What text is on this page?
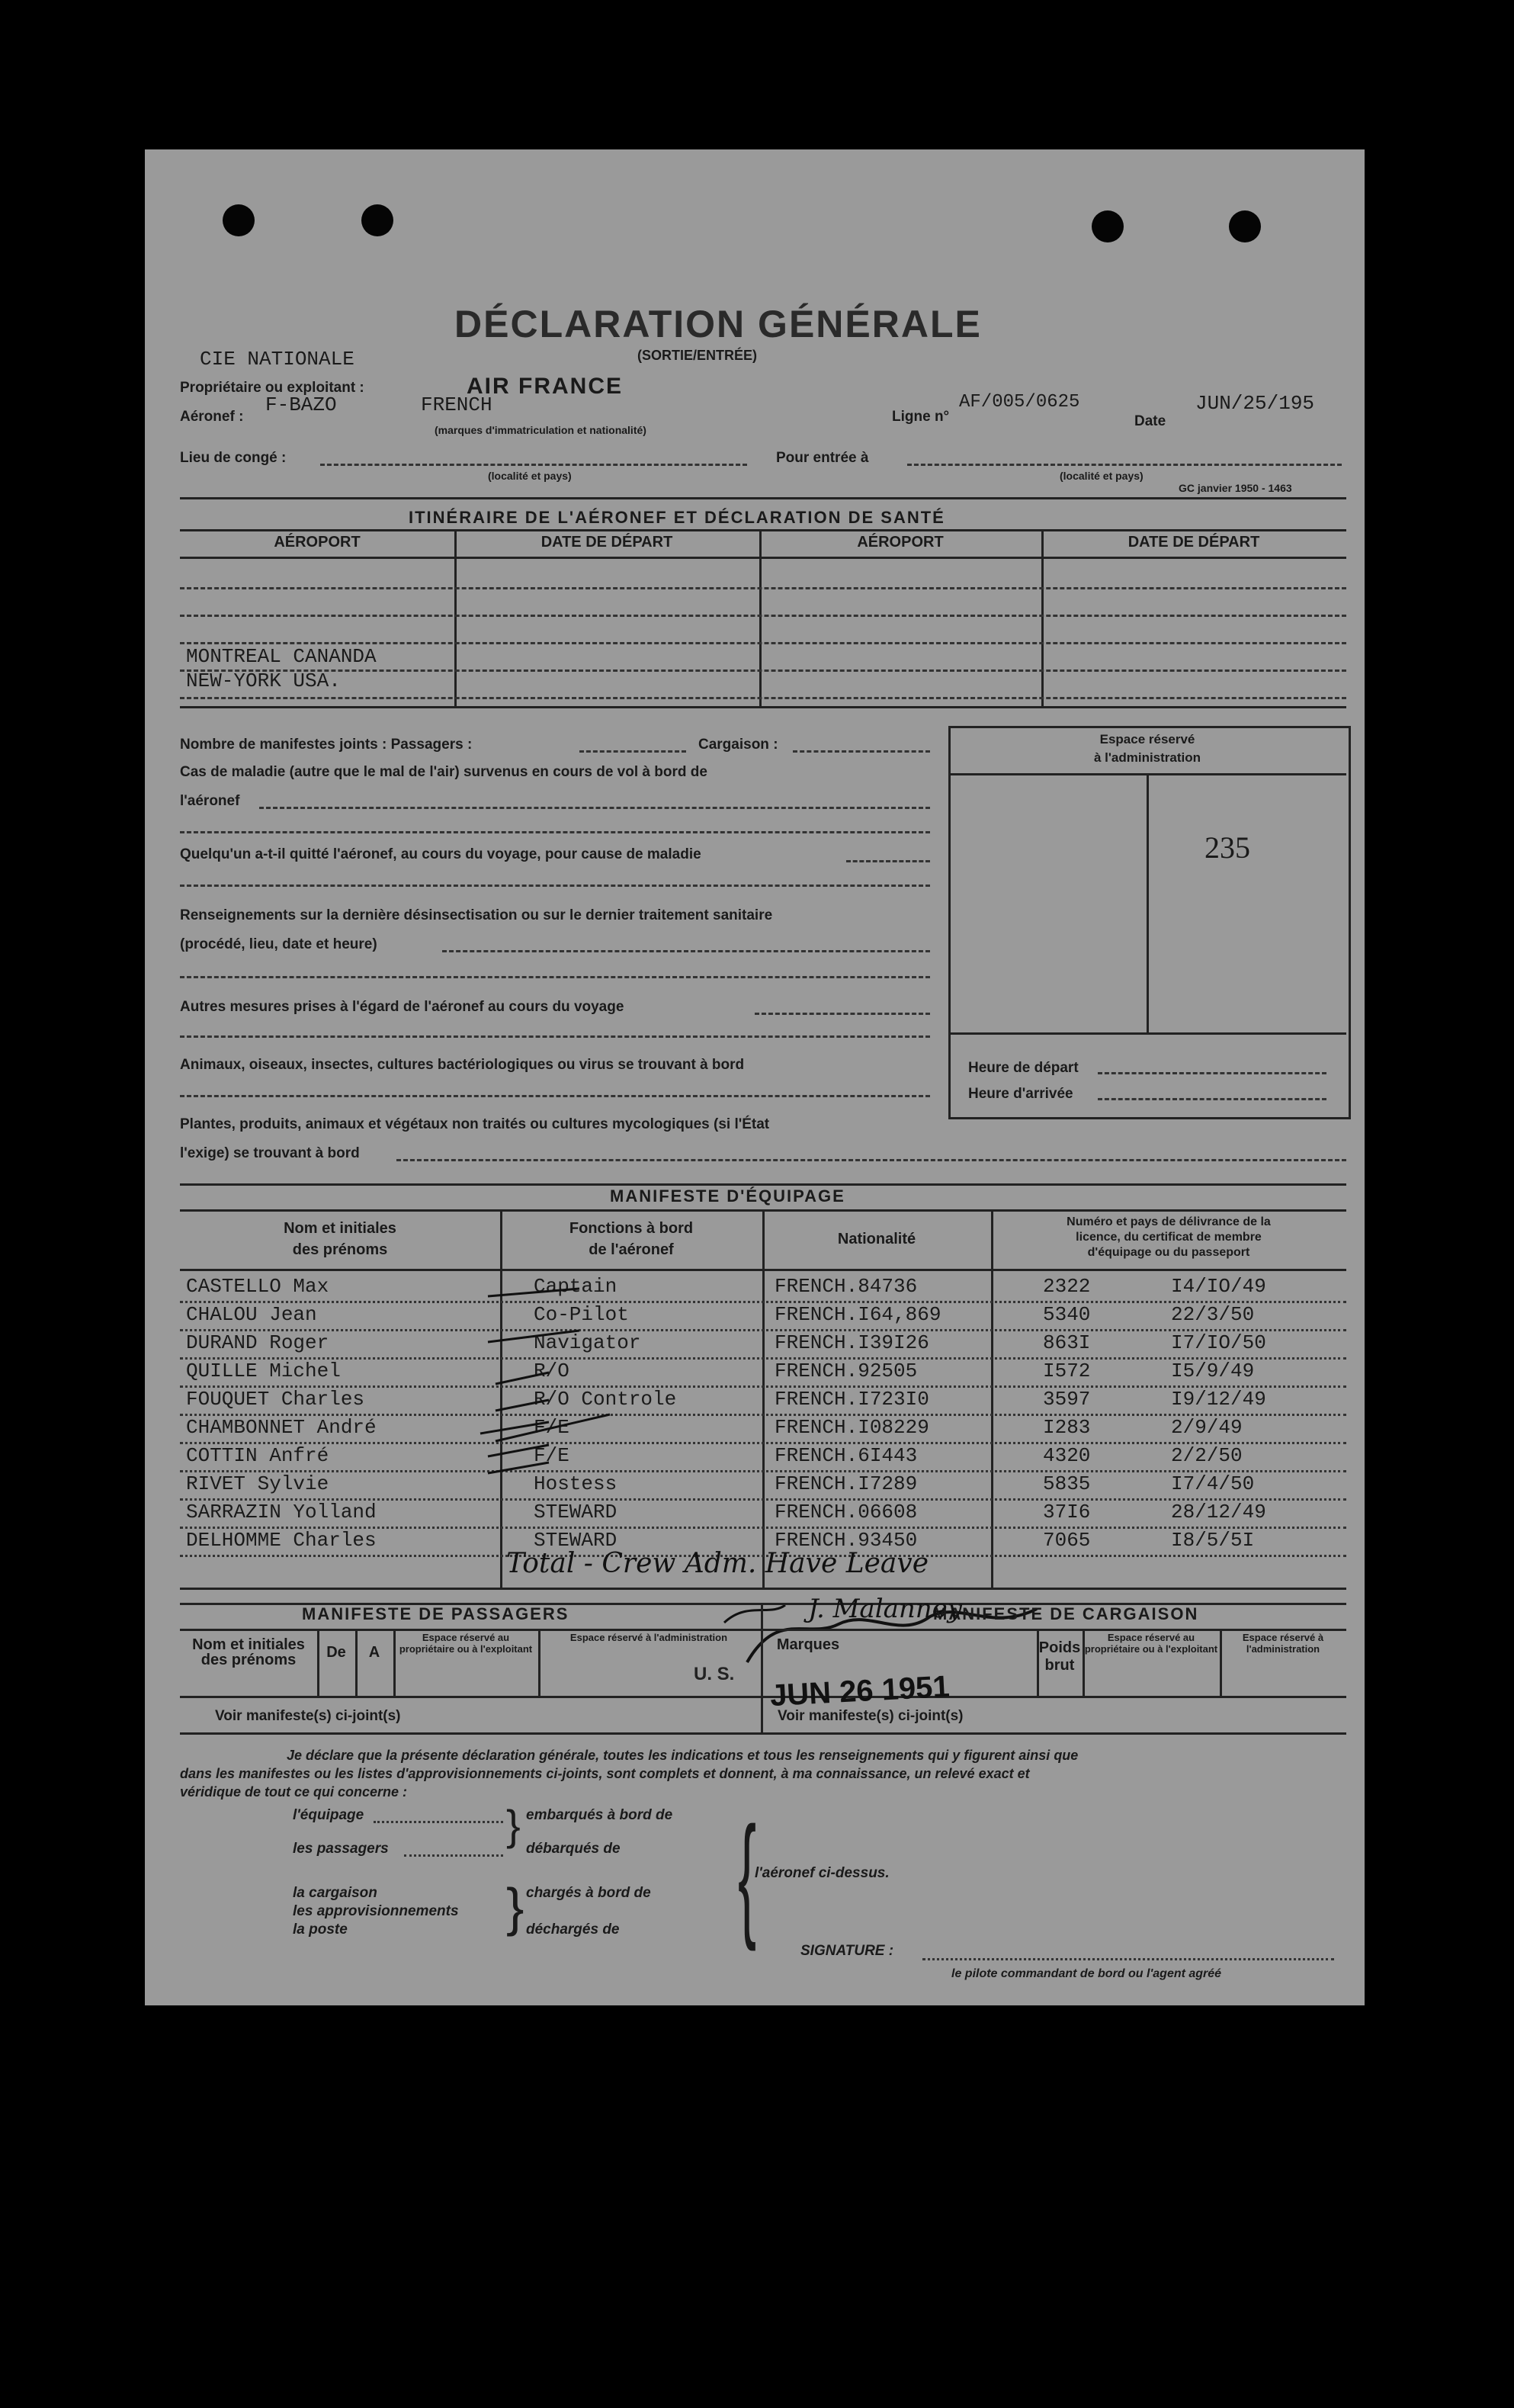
DÉCLARATION GÉNÉRALE
(SORTIE/ENTRÉE)
CIE NATIONALE
Propriétaire ou exploitant :	AIR FRANCE
Aéronef :
F-BAZO	FRENCH
(marques d'immatriculation et nationalité)
Ligne n°
AF/005/0625
Date
JUN/25/195
Lieu de congé :
(localité et pays)
Pour entrée à
(localité et pays)
GC janvier 1950 - 1463
ITINÉRAIRE DE L'AÉRONEF ET DÉCLARATION DE SANTÉ
AÉROPORT	DATE DE DÉPART	AÉROPORT	DATE DE DÉPART
MONTREAL CANANDA
NEW-YORK USA.
Nombre de manifestes joints : Passagers :	Cargaison :
Cas de maladie (autre que le mal de l'air) survenus en cours de vol à bord de
l'aéronef
Quelqu'un a-t-il quitté l'aéronef, au cours du voyage, pour cause de maladie
Renseignements sur la dernière désinsectisation ou sur le dernier traitement sanitaire
(procédé, lieu, date et heure)
Autres mesures prises à l'égard de l'aéronef au cours du voyage
Animaux, oiseaux, insectes, cultures bactériologiques ou virus se trouvant à bord
Plantes, produits, animaux et végétaux non traités ou cultures mycologiques (si l'État
l'exige) se trouvant à bord
Espace réservé
à l'administration
235
Heure de départ
Heure d'arrivée
MANIFESTE D'ÉQUIPAGE
Nom et initiales
des prénoms
Fonctions à bord
de l'aéronef
Nationalité
Numéro et pays de délivrance de la
licence, du certificat de membre
d'équipage ou du passeport
CASTELLO Max	Captain	FRENCH.84736	2322	I4/IO/49
CHALOU Jean	Co-Pilot	FRENCH.I64,869	5340	22/3/50
DURAND Roger	Navigator	FRENCH.I39I26	863I	I7/IO/50
QUILLE Michel	R/O	FRENCH.92505	I572	I5/9/49
FOUQUET Charles	R/O Controle	FRENCH.I723I0	3597	I9/12/49
CHAMBONNET André	F/E	FRENCH.I08229	I283	2/9/49
COTTIN Anfré	F/E	FRENCH.6I443	4320	2/2/50
RIVET Sylvie	Hostess	FRENCH.I7289	5835	I7/4/50
SARRAZIN Yolland	STEWARD	FRENCH.06608	37I6	28/12/49
DELHOMME Charles	STEWARD	FRENCH.93450	7065	I8/5/5I
Total - Crew Adm. Have Leave
MANIFESTE DE PASSAGERS	MANIFESTE DE CARGAISON
Nom et initiales
des prénoms	De	A
Espace réservé au propriétaire ou à l'exploitant
Espace réservé à l'administration	Marques	Poids brut
Espace réservé au propriétaire ou à l'exploitant
Espace réservé à l'administration
Voir manifeste(s) ci-joint(s)	Voir manifeste(s) ci-joint(s)
U. S. JUN 26 1951
J. Malanney
Je déclare que la présente déclaration générale, toutes les indications et tous les renseignements qui y figurent ainsi que
dans les manifestes ou les listes d'approvisionnements ci-joints, sont complets et donnent, à ma connaissance, un relevé exact et
véridique de tout ce qui concerne :
l'équipage
les passagers
la cargaison
les approvisionnements
la poste
}
}
embarqués à bord de
débarqués de
chargés à bord de
déchargés de {
l'aéronef ci-dessus.
SIGNATURE :
le pilote commandant de bord ou l'agent agréé
